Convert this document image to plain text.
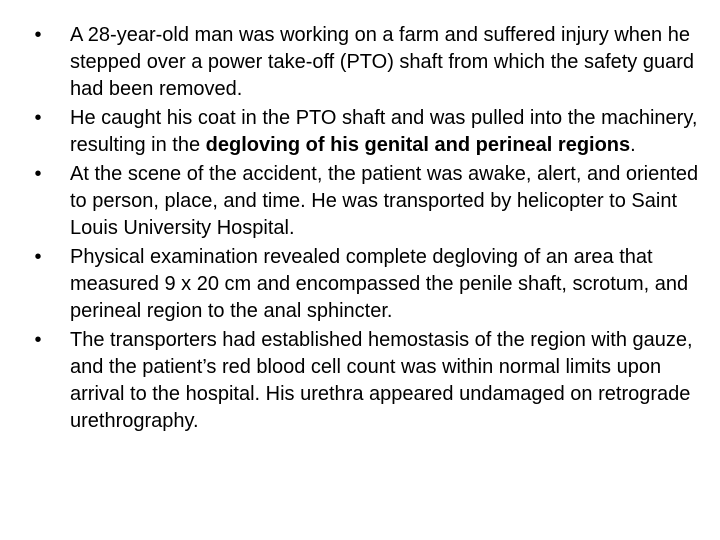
• A 28-year-old man was working on a farm and suffered injury when he stepped over a power take-off (PTO) shaft from which the safety guard had been removed.
• He caught his coat in the PTO shaft and was pulled into the machinery, resulting in the degloving of his genital and perineal regions.
• At the scene of the accident, the patient was awake, alert, and oriented to person, place, and time. He was transported by helicopter to Saint Louis University Hospital.
• Physical examination revealed complete degloving of an area that measured 9 x 20 cm and encompassed the penile shaft, scrotum, and perineal region to the anal sphincter.
• The transporters had established hemostasis of the region with gauze, and the patient’s red blood cell count was within normal limits upon arrival to the hospital. His urethra appeared undamaged on retrograde urethrography.
